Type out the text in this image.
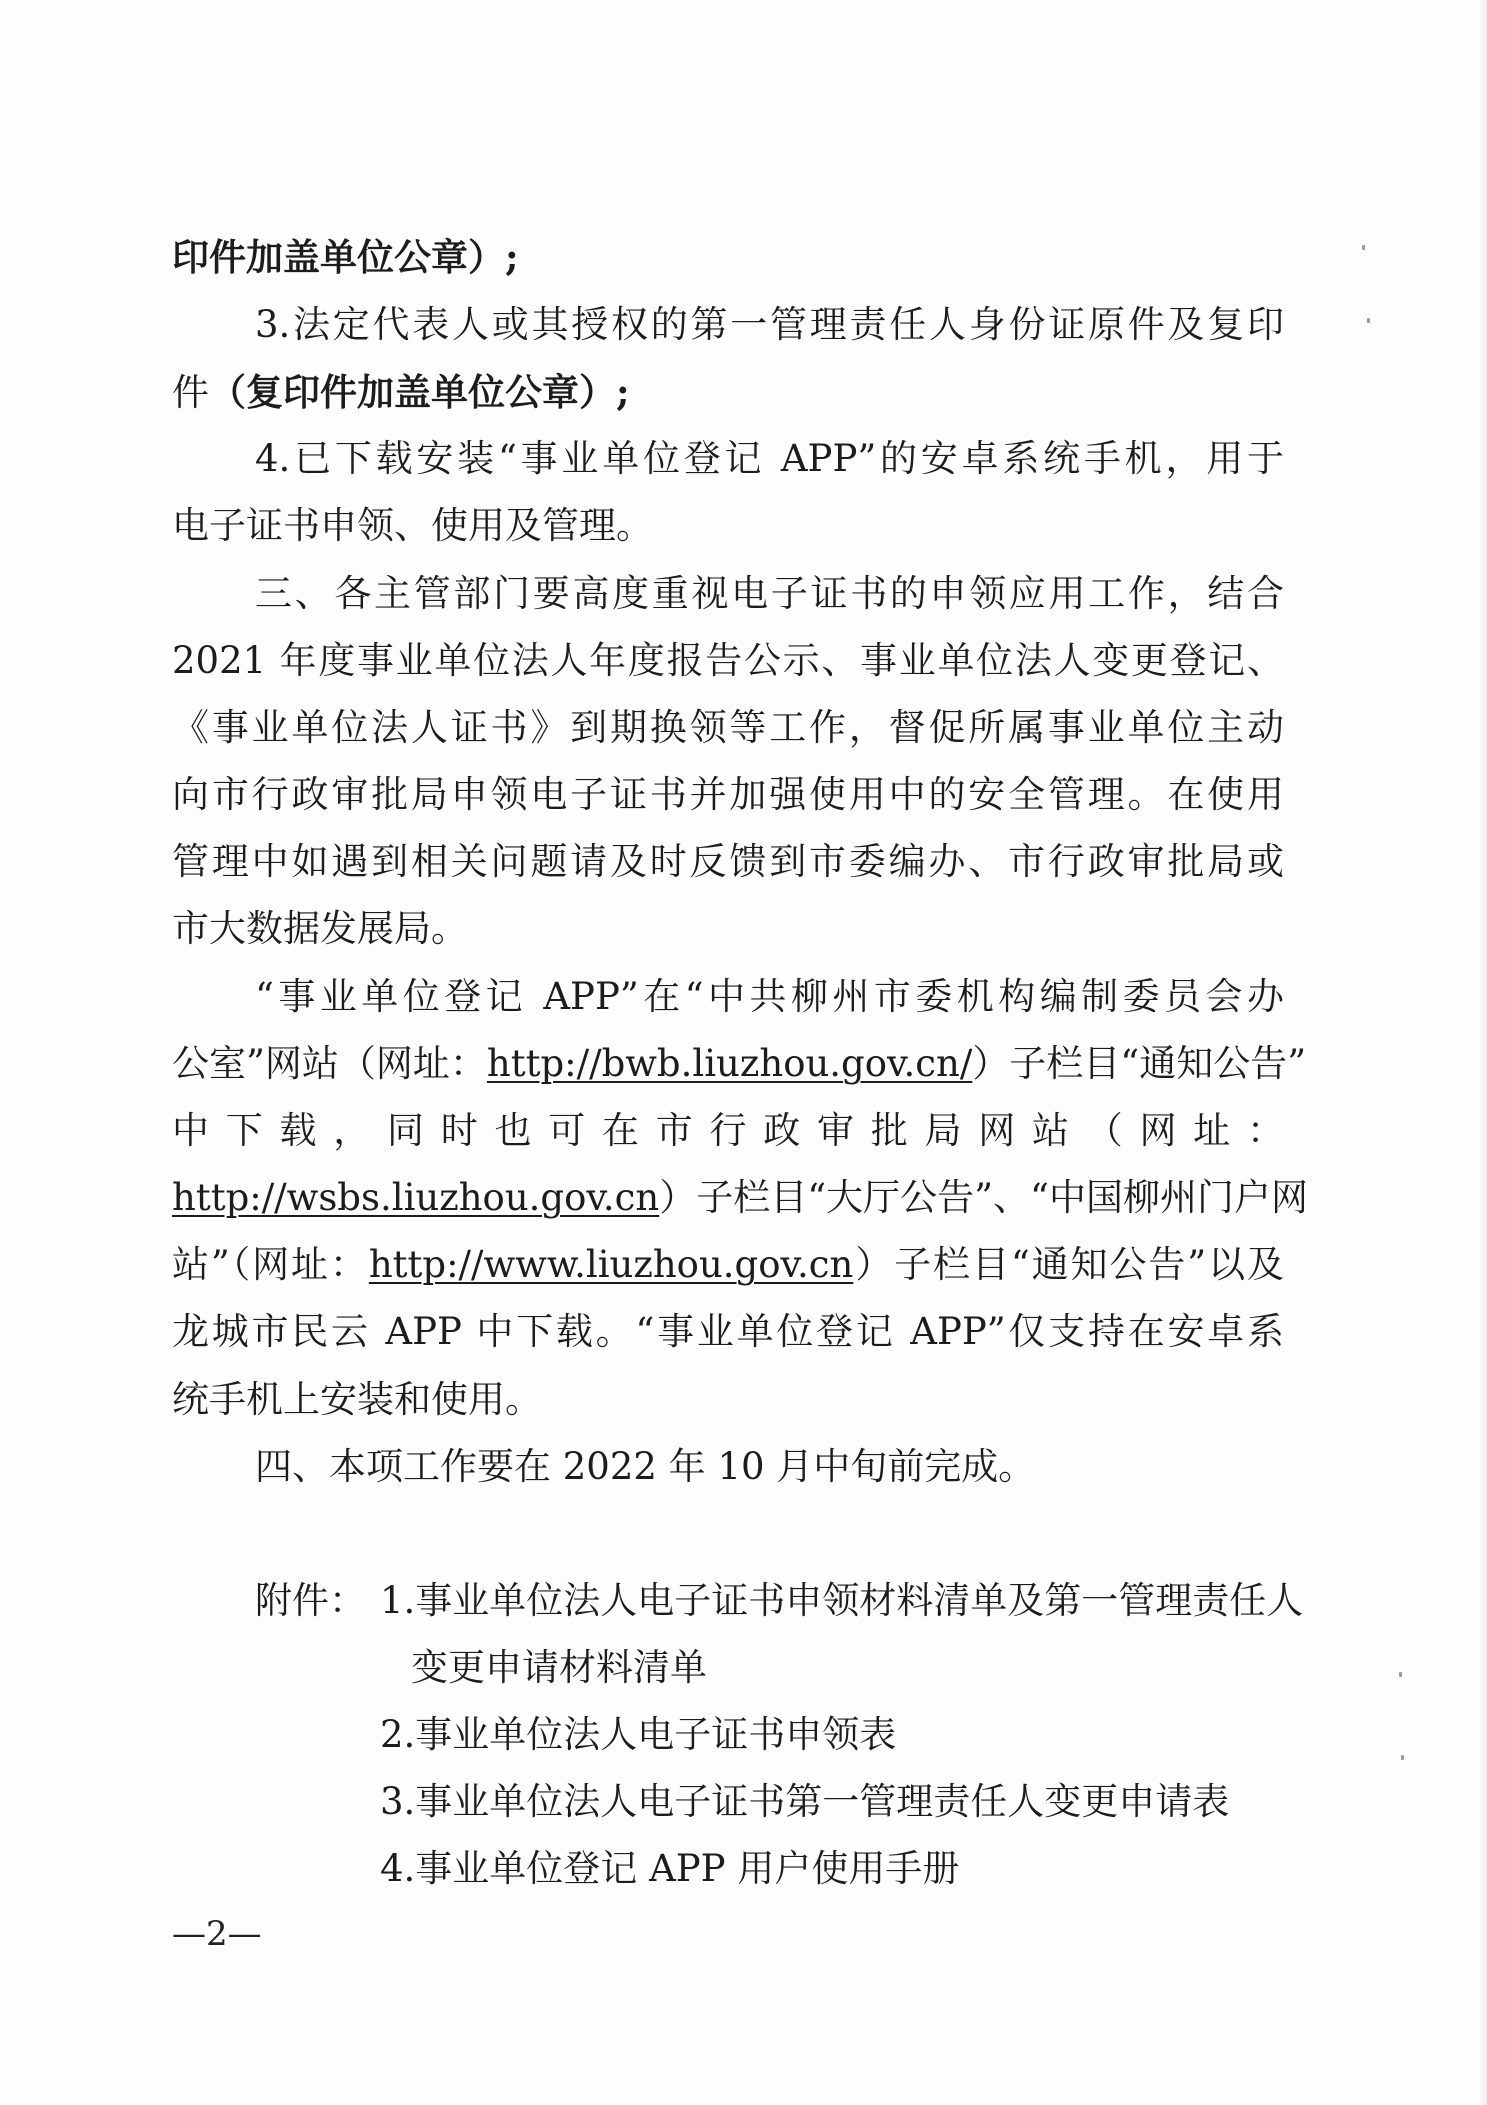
印件加盖单位公章）;
3.法定代表人或其授权的第一管理责任人身份证原件及复印
件（复印件加盖单位公章）;
4.已下载安装“事业单位登记 APP”的安卓系统手机，用于
电子证书申领、使用及管理。
三、各主管部门要高度重视电子证书的申领应用工作，结合
2021 年度事业单位法人年度报告公示、事业单位法人变更登记、
《事业单位法人证书》到期换领等工作，督促所属事业单位主动
向市行政审批局申领电子证书并加强使用中的安全管理。在使用
管理中如遇到相关问题请及时反馈到市委编办、市行政审批局或
市大数据发展局。
“事业单位登记 APP”在“中共柳州市委机构编制委员会办
公室”网站（网址：http://bwb.liuzhou.gov.cn/）子栏目“通知公告”
中下载，同时也可在市行政审批局网站（网址：
http://wsbs.liuzhou.gov.cn）子栏目“大厅公告”、“中国柳州门户网
站”（网址：http://www.liuzhou.gov.cn）子栏目“通知公告”以及
龙城市民云 APP 中下载。“事业单位登记 APP”仅支持在安卓系
统手机上安装和使用。
四、本项工作要在 2022 年 10 月中旬前完成。
附件： 1.事业单位法人电子证书申领材料清单及第一管理责任人
变更申请材料清单
2.事业单位法人电子证书申领表
3.事业单位法人电子证书第一管理责任人变更申请表
4.事业单位登记 APP 用户使用手册
—2—
